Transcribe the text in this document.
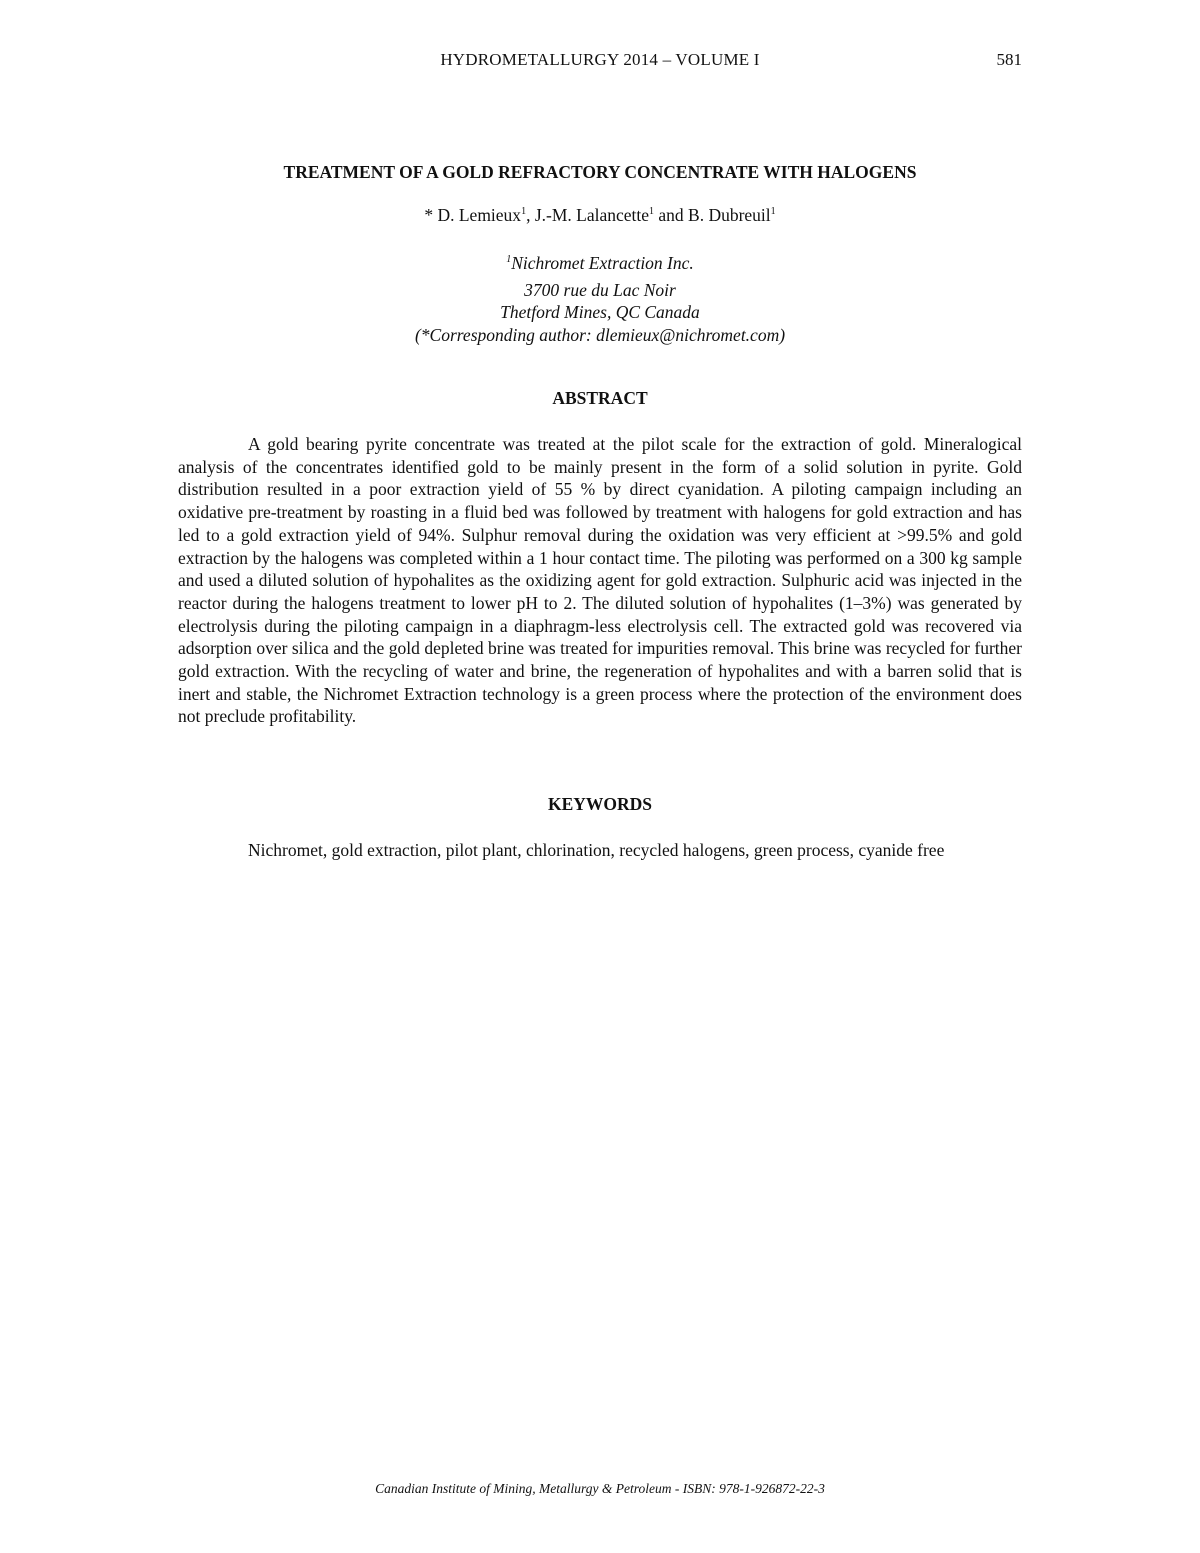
HYDROMETALLURGY 2014 – VOLUME I	581
TREATMENT OF A GOLD REFRACTORY CONCENTRATE WITH HALOGENS
* D. Lemieux$^1$, J.-M. Lalancette$^1$ and B. Dubreuil$^1$
$^1$Nichromet Extraction Inc.
3700 rue du Lac Noir
Thetford Mines, QC Canada
(*Corresponding author: dlemieux@nichromet.com)
ABSTRACT
A gold bearing pyrite concentrate was treated at the pilot scale for the extraction of gold. Mineralogical analysis of the concentrates identified gold to be mainly present in the form of a solid solution in pyrite. Gold distribution resulted in a poor extraction yield of 55 % by direct cyanidation. A piloting campaign including an oxidative pre-treatment by roasting in a fluid bed was followed by treatment with halogens for gold extraction and has led to a gold extraction yield of 94%. Sulphur removal during the oxidation was very efficient at >99.5% and gold extraction by the halogens was completed within a 1 hour contact time. The piloting was performed on a 300 kg sample and used a diluted solution of hypohalites as the oxidizing agent for gold extraction. Sulphuric acid was injected in the reactor during the halogens treatment to lower pH to 2. The diluted solution of hypohalites (1–3%) was generated by electrolysis during the piloting campaign in a diaphragm-less electrolysis cell. The extracted gold was recovered via adsorption over silica and the gold depleted brine was treated for impurities removal. This brine was recycled for further gold extraction. With the recycling of water and brine, the regeneration of hypohalites and with a barren solid that is inert and stable, the Nichromet Extraction technology is a green process where the protection of the environment does not preclude profitability.
KEYWORDS
Nichromet, gold extraction, pilot plant, chlorination, recycled halogens, green process, cyanide free
Canadian Institute of Mining, Metallurgy & Petroleum - ISBN: 978-1-926872-22-3
